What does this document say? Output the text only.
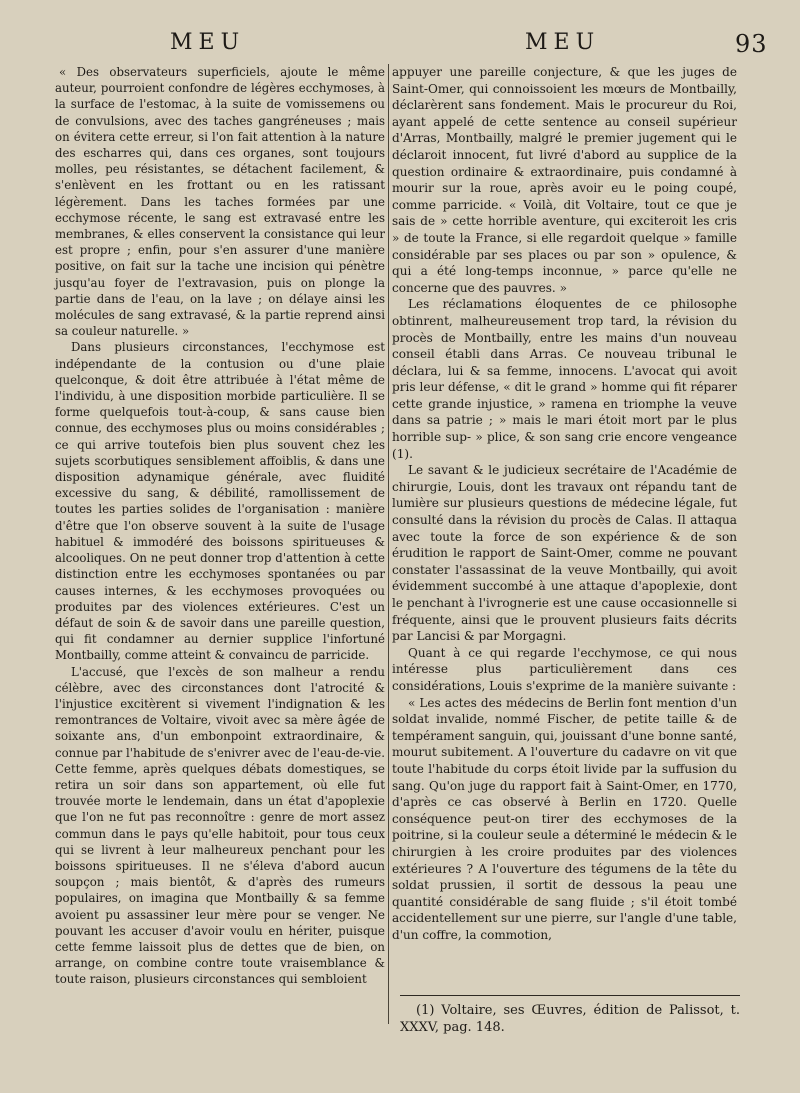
MEU	MEU	93

« Des observateurs superficiels, ajoute le même auteur, pourroient confondre de légères ecchymoses, à la surface de l'estomac, à la suite de vomissemens ou de convulsions, avec des taches gangréneuses ; mais on évitera cette erreur, si l'on fait attention à la nature des escharres qui, dans ces organes, sont toujours molles, peu résistantes, se détachent facilement, & s'enlèvent en les frottant ou en les ratissant légèrement. Dans les taches formées par une ecchymose récente, le sang est extravasé entre les membranes, & elles conservent la consistance qui leur est propre ; enfin, pour s'en assurer d'une manière positive, on fait sur la tache une incision qui pénètre jusqu'au foyer de l'extravasion, puis on plonge la partie dans de l'eau, on la lave ; on délaye ainsi les molécules de sang extravasé, & la partie reprend ainsi sa couleur naturelle. »

Dans plusieurs circonstances, l'ecchymose est indépendante de la contusion ou d'une plaie quelconque, & doit être attribuée à l'état même de l'individu, à une disposition morbide particulière. Il se forme quelquefois tout-à-coup, & sans cause bien connue, des ecchymoses plus ou moins considérables ; ce qui arrive toutefois bien plus souvent chez les sujets scorbutiques sensiblement affoiblis, & dans une disposition adynamique générale, avec fluidité excessive du sang, & débilité, ramollissement de toutes les parties solides de l'organisation : manière d'être que l'on observe souvent à la suite de l'usage habituel & immodéré des boissons spiritueuses & alcooliques. On ne peut donner trop d'attention à cette distinction entre les ecchymoses spontanées ou par causes internes, & les ecchymoses provoquées ou produites par des violences extérieures. C'est un défaut de soin & de savoir dans une pareille question, qui fit condamner au dernier supplice l'infortuné Montbailly, comme atteint & convaincu de parricide.

L'accusé, que l'excès de son malheur a rendu célèbre, avec des circonstances dont l'atrocité & l'injustice excitèrent si vivement l'indignation & les remontrances de Voltaire, vivoit avec sa mère âgée de soixante ans, d'un embonpoint extraordinaire, & connue par l'habitude de s'enivrer avec de l'eau-de-vie. Cette femme, après quelques débats domestiques, se retira un soir dans son appartement, où elle fut trouvée morte le lendemain, dans un état d'apoplexie que l'on ne fut pas reconnoître : genre de mort assez commun dans le pays qu'elle habitoit, pour tous ceux qui se livrent à leur malheureux penchant pour les boissons spiritueuses. Il ne s'éleva d'abord aucun soupçon ; mais bientôt, & d'après des rumeurs populaires, on imagina que Montbailly & sa femme avoient pu assassiner leur mère pour se venger. Ne pouvant les accuser d'avoir voulu en hériter, puisque cette femme laissoit plus de dettes que de bien, on arrange, on combine contre toute vraisemblance & toute raison, plusieurs circonstances qui sembloient

appuyer une pareille conjecture, & que les juges de Saint-Omer, qui connoissoient les mœurs de Montbailly, déclarèrent sans fondement. Mais le procureur du Roi, ayant appelé de cette sentence au conseil supérieur d'Arras, Montbailly, malgré le premier jugement qui le déclaroit innocent, fut livré d'abord au supplice de la question ordinaire & extraordinaire, puis condamné à mourir sur la roue, après avoir eu le poing coupé, comme parricide. « Voilà, dit Voltaire, tout ce que je sais de » cette horrible aventure, qui exciteroit les cris » de toute la France, si elle regardoit quelque » famille considérable par ses places ou par son » opulence, & qui a été long-temps inconnue, » parce qu'elle ne concerne que des pauvres. »

Les réclamations éloquentes de ce philosophe obtinrent, malheureusement trop tard, la révision du procès de Montbailly, entre les mains d'un nouveau conseil établi dans Arras. Ce nouveau tribunal le déclara, lui & sa femme, innocens. L'avocat qui avoit pris leur défense, « dit le grand » homme qui fit réparer cette grande injustice, » ramena en triomphe la veuve dans sa patrie ; » mais le mari étoit mort par le plus horrible sup- » plice, & son sang crie encore vengeance (1).

Le savant & le judicieux secrétaire de l'Académie de chirurgie, Louis, dont les travaux ont répandu tant de lumière sur plusieurs questions de médecine légale, fut consulté dans la révision du procès de Calas. Il attaqua avec toute la force de son expérience & de son érudition le rapport de Saint-Omer, comme ne pouvant constater l'assassinat de la veuve Montbailly, qui avoit évidemment succombé à une attaque d'apoplexie, dont le penchant à l'ivrognerie est une cause occasionnelle si fréquente, ainsi que le prouvent plusieurs faits décrits par Lancisi & par Morgagni.

Quant à ce qui regarde l'ecchymose, ce qui nous intéresse plus particulièrement dans ces considérations, Louis s'exprime de la manière suivante :

« Les actes des médecins de Berlin font mention d'un soldat invalide, nommé Fischer, de petite taille & de tempérament sanguin, qui, jouissant d'une bonne santé, mourut subitement. A l'ouverture du cadavre on vit que toute l'habitude du corps étoit livide par la suffusion du sang. Qu'on juge du rapport fait à Saint-Omer, en 1770, d'après ce cas observé à Berlin en 1720. Quelle conséquence peut-on tirer des ecchymoses de la poitrine, si la couleur seule a déterminé le médecin & le chirurgien à les croire produites par des violences extérieures ? A l'ouverture des tégumens de la tête du soldat prussien, il sortit de dessous la peau une quantité considérable de sang fluide ; s'il étoit tombé accidentellement sur une pierre, sur l'angle d'une table, d'un coffre, la commotion,

(1) Voltaire, ses Œuvres, édition de Palissot, t. XXXV, pag. 148.
